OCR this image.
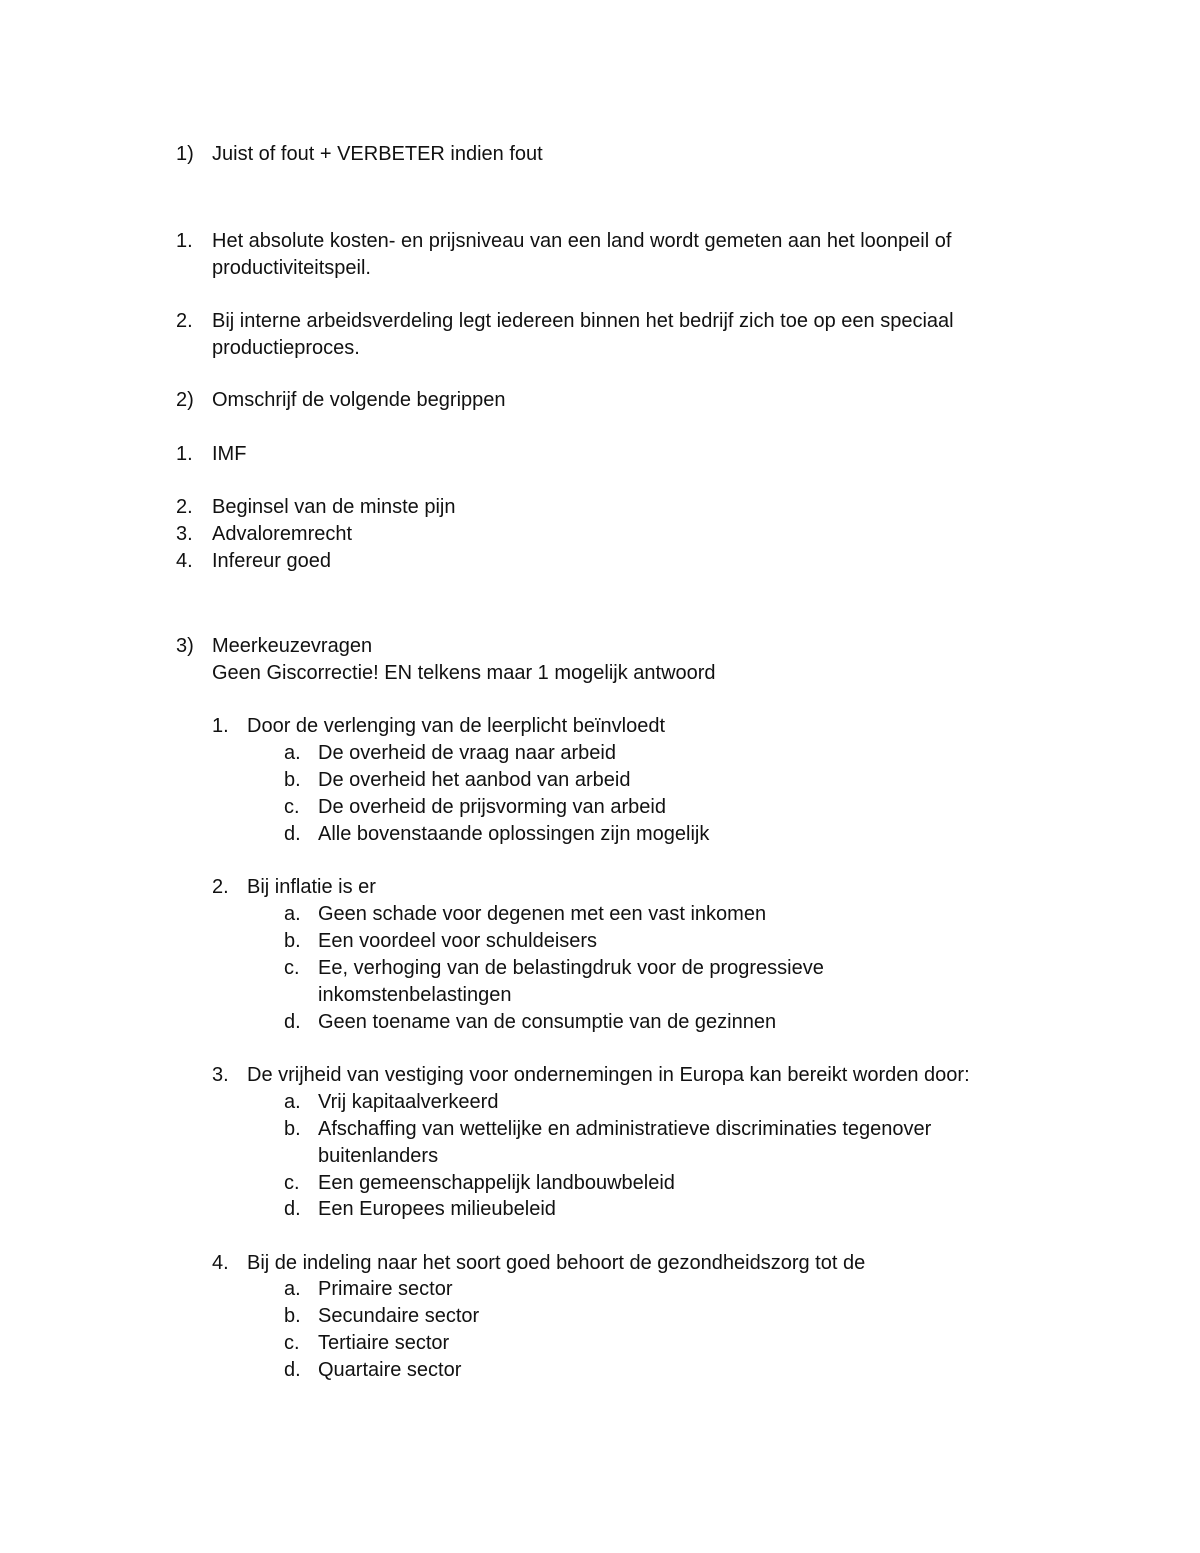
1) Juist of fout + VERBETER indien fout
1. Het absolute kosten- en prijsniveau van een land wordt gemeten aan het loonpeil of
productiviteitspeil.
2. Bij interne arbeidsverdeling legt iedereen binnen het bedrijf zich toe op een speciaal
productieproces.
2) Omschrijf de volgende begrippen
1. IMF
2. Beginsel van de minste pijn
3. Advaloremrecht
4. Infereur goed
3) Meerkeuzevragen
Geen Giscorrectie! EN telkens maar 1 mogelijk antwoord
1. Door de verlenging van de leerplicht beïnvloedt
a. De overheid de vraag naar arbeid
b. De overheid het aanbod van arbeid
c. De overheid de prijsvorming van arbeid
d. Alle bovenstaande oplossingen zijn mogelijk
2. Bij inflatie is er
a. Geen schade voor degenen met een vast inkomen
b. Een voordeel voor schuldeisers
c. Ee, verhoging van de belastingdruk voor de progressieve
inkomstenbelastingen
d. Geen toename van de consumptie van de gezinnen
3. De vrijheid van vestiging voor ondernemingen in Europa kan bereikt worden door:
a. Vrij kapitaalverkeerd
b. Afschaffing van wettelijke en administratieve discriminaties tegenover
buitenlanders
c. Een gemeenschappelijk landbouwbeleid
d. Een Europees milieubeleid
4. Bij de indeling naar het soort goed behoort de gezondheidszorg tot de
a. Primaire sector
b. Secundaire sector
c. Tertiaire sector
d. Quartaire sector
